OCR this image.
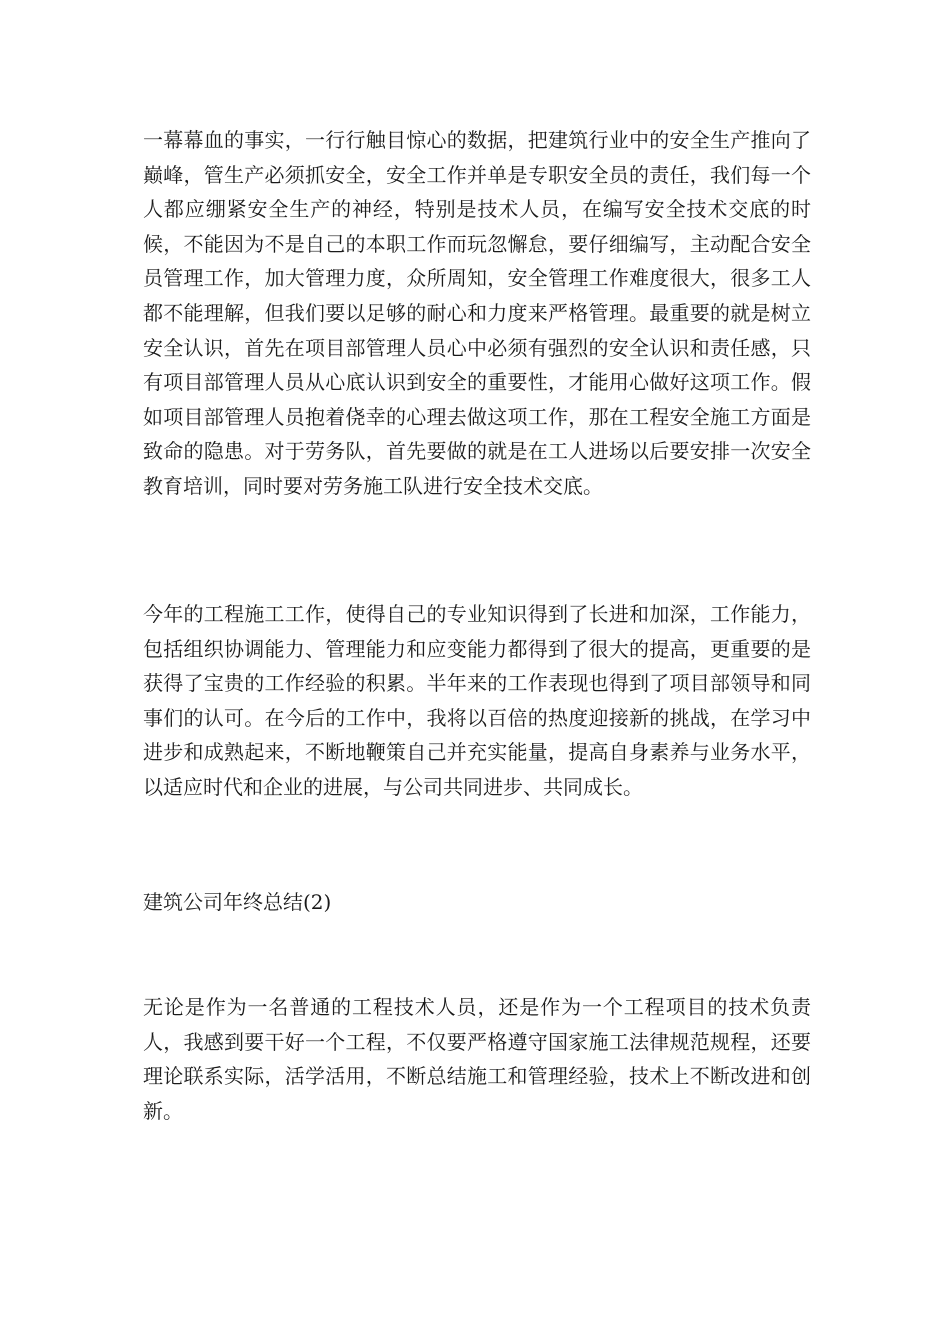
一幕幕血的事实，一行行触目惊心的数据，把建筑行业中的安全生产推向了巅峰，管生产必须抓安全，安全工作并单是专职安全员的责任，我们每一个人都应绷紧安全生产的神经，特别是技术人员，在编写安全技术交底的时候，不能因为不是自己的本职工作而玩忽懈怠，要仔细编写，主动配合安全员管理工作，加大管理力度，众所周知，安全管理工作难度很大，很多工人都不能理解，但我们要以足够的耐心和力度来严格管理。最重要的就是树立安全认识，首先在项目部管理人员心中必须有强烈的安全认识和责任感，只有项目部管理人员从心底认识到安全的重要性，才能用心做好这项工作。假如项目部管理人员抱着侥幸的心理去做这项工作，那在工程安全施工方面是致命的隐患。对于劳务队，首先要做的就是在工人进场以后要安排一次安全教育培训，同时要对劳务施工队进行安全技术交底。

今年的工程施工工作，使得自己的专业知识得到了长进和加深，工作能力，包括组织协调能力、管理能力和应变能力都得到了很大的提高，更重要的是获得了宝贵的工作经验的积累。半年来的工作表现也得到了项目部领导和同事们的认可。在今后的工作中，我将以百倍的热度迎接新的挑战，在学习中进步和成熟起来，不断地鞭策自己并充实能量，提高自身素养与业务水平，以适应时代和企业的进展，与公司共同进步、共同成长。

建筑公司年终总结(2)

无论是作为一名普通的工程技术人员，还是作为一个工程项目的技术负责人，我感到要干好一个工程，不仅要严格遵守国家施工法律规范规程，还要理论联系实际，活学活用，不断总结施工和管理经验，技术上不断改进和创新。
